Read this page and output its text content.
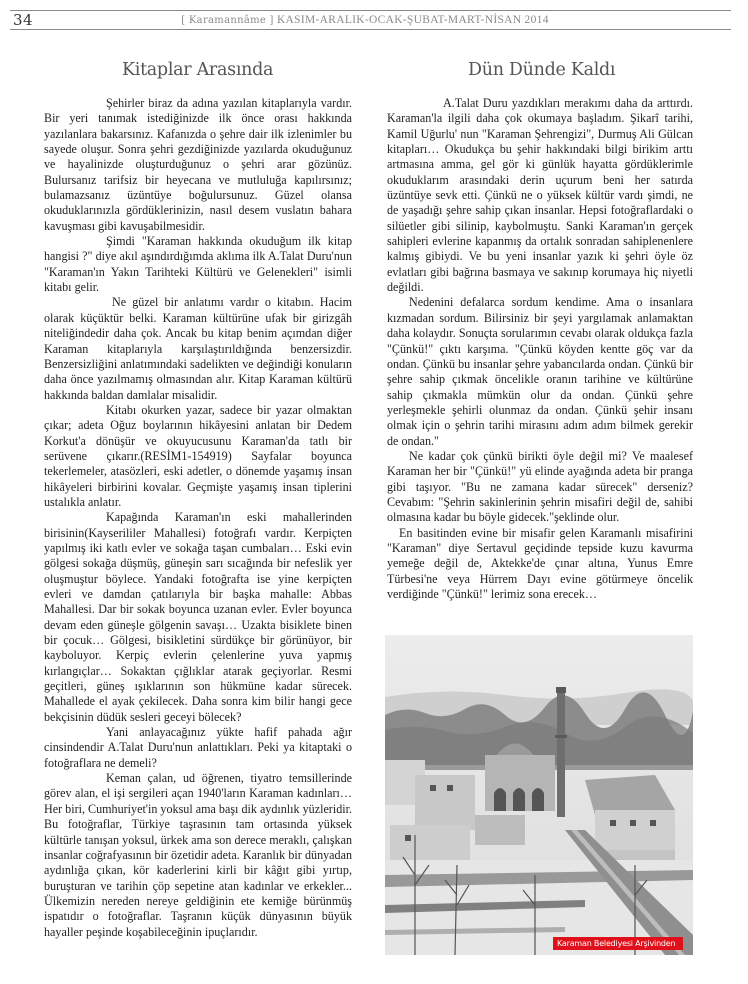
34	[ Karamannâme ] KASIM-ARALIK-OCAK-ŞUBAT-MART-NİSAN 2014
Kitaplar Arasında	Dün Dünde Kaldı

Şehirler biraz da adına yazılan kitaplarıyla vardır. Bir yeri tanımak istediğinizde ilk önce orası hakkında yazılanlara bakarsınız. Kafanızda o şehre dair ilk izlenimler bu sayede oluşur. Sonra şehri gezdiğinizde yazılarda okuduğunuz ve hayalinizde oluşturduğunuz o şehri arar gözünüz. Bulursanız tarifsiz bir heyecana ve mutluluğa kapılırsınız; bulamazsanız üzüntüye boğulursunuz. Güzel olansa okuduklarınızla gördüklerinizin, nasıl desem vuslatın bahara kavuşması gibi kavuşabilmesidir.

Şimdi "Karaman hakkında okuduğum ilk kitap hangisi ?" diye akıl aşındırdığımda aklıma ilk A.Talat Duru'nun "Karaman'ın Yakın Tarihteki Kültürü ve Gelenekleri" isimli kitabı gelir.

Ne güzel bir anlatımı vardır o kitabın. Hacim olarak küçüktür belki. Karaman kültürüne ufak bir girizgâh niteliğindedir daha çok. Ancak bu kitap benim açımdan diğer Karaman kitaplarıyla karşılaştırıldığında benzersizdir. Benzersizliğini anlatımındaki sadelikten ve değindiği konuların daha önce yazılmamış olmasından alır. Kitap Karaman kültürü hakkında baldan damlalar misalidir.

Kitabı okurken yazar, sadece bir yazar olmaktan çıkar; adeta Oğuz boylarının hikâyesini anlatan bir Dedem Korkut'a dönüşür ve okuyucusunu Karaman'da tatlı bir serüvene çıkarır.(RESİM1-154919) Sayfalar boyunca tekerlemeler, atasözleri, eski adetler, o dönemde yaşamış insan hikâyeleri birbirini kovalar. Geçmişte yaşamış insan tiplerini ustalıkla anlatır.

Kapağında Karaman'ın eski mahallerinden birisinin(Kayserililer Mahallesi) fotoğrafı vardır. Kerpiçten yapılmış iki katlı evler ve sokağa taşan cumbaları… Eski evin gölgesi sokağa düşmüş, güneşin sarı sıcağında bir nefeslik yer oluşmuştur böylece. Yandaki fotoğrafta ise yine kerpiçten evleri ve damdan çatılarıyla bir başka mahalle: Abbas Mahallesi. Dar bir sokak boyunca uzanan evler. Evler boyunca devam eden güneşle gölgenin savaşı… Uzakta bisiklete binen bir çocuk… Gölgesi, bisikletini sürdükçe bir görünüyor, bir kayboluyor. Kerpiç evlerin çelenlerine yuva yapmış kırlangıçlar… Sokaktan çığlıklar atarak geçiyorlar. Resmi geçitleri, güneş ışıklarının son hükmüne kadar sürecek. Mahallede el ayak çekilecek. Daha sonra kim bilir hangi gece bekçisinin düdük sesleri geceyi bölecek?

Yani anlayacağınız yükte hafif pahada ağır cinsindendir A.Talat Duru'nun anlattıkları. Peki ya kitaptaki o fotoğraflara ne demeli?

Keman çalan, ud öğrenen, tiyatro temsillerinde görev alan, el işi sergileri açan 1940'ların Karaman kadınları… Her biri, Cumhuriyet'in yoksul ama başı dik aydınlık yüzleridir. Bu fotoğraflar, Türkiye taşrasının tam ortasında yüksek kültürle tanışan yoksul, ürkek ama son derece meraklı, çalışkan insanlar coğrafyasının bir özetidir adeta. Karanlık bir dünyadan aydınlığa çıkan, kör kaderlerini kirli bir kâğıt gibi yırtıp, buruşturan ve tarihin çöp sepetine atan kadınlar ve erkekler... Ülkemizin nereden nereye geldiğinin ete kemiğe bürünmüş ispatıdır o fotoğraflar. Taşranın küçük dünyasının büyük hayaller peşinde koşabileceğinin ipuçlarıdır.

A.Talat Duru yazdıkları merakımı daha da arttırdı. Karaman'la ilgili daha çok okumaya başladım. Şikarî tarihi, Kamil Uğurlu' nun "Karaman Şehrengizi", Durmuş Ali Gülcan kitapları… Okudukça bu şehir hakkındaki bilgi birikim arttı artmasına amma, gel gör ki günlük hayatta gördüklerimle okuduklarım arasındaki derin uçurum beni her satırda üzüntüye sevk etti. Çünkü ne o yüksek kültür vardı şimdi, ne de yaşadığı şehre sahip çıkan insanlar. Hepsi fotoğraflardaki o silüetler gibi silinip, kaybolmuştu. Sanki Karaman'ın gerçek sahipleri evlerine kapanmış da ortalık sonradan sahiplenenlere kalmış gibiydi. Ve bu yeni insanlar yazık ki şehri öyle öz evlatları gibi bağrına basmaya ve sakınıp korumaya hiç niyetli değildi.

Nedenini defalarca sordum kendime. Ama o insanlara kızmadan sordum. Bilirsiniz bir şeyi yargılamak anlamaktan daha kolaydır. Sonuçta sorularımın cevabı olarak oldukça fazla "Çünkü!" çıktı karşıma. "Çünkü köyden kentte göç var da ondan. Çünkü bu insanlar şehre yabancılarda ondan. Çünkü bir şehre sahip çıkmak öncelikle oranın tarihine ve kültürüne sahip çıkmakla mümkün olur da ondan. Çünkü şehre yerleşmekle şehirli olunmaz da ondan. Çünkü şehir insanı olmak için o şehrin tarihi mirasını adım adım bilmek gerekir de ondan."

Ne kadar çok çünkü birikti öyle değil mi? Ve maalesef Karaman her bir "Çünkü!" yü elinde ayağında adeta bir pranga gibi taşıyor. "Bu ne zamana kadar sürecek" derseniz? Cevabım: "Şehrin sakinlerinin şehrin misafiri değil de, sahibi olmasına kadar bu böyle gidecek."şeklinde olur.

En basitinden evine bir misafir gelen Karamanlı misafirini "Karaman" diye Sertavul geçidinde tepside kuzu kavurma yemeğe değil de, Aktekke'de çınar altına, Yunus Emre Türbesi'ne veya Hürrem Dayı evine götürmeye öncelik verdiğinde "Çünkü!" lerimiz sona erecek…

Karaman Belediyesi Arşivinden
